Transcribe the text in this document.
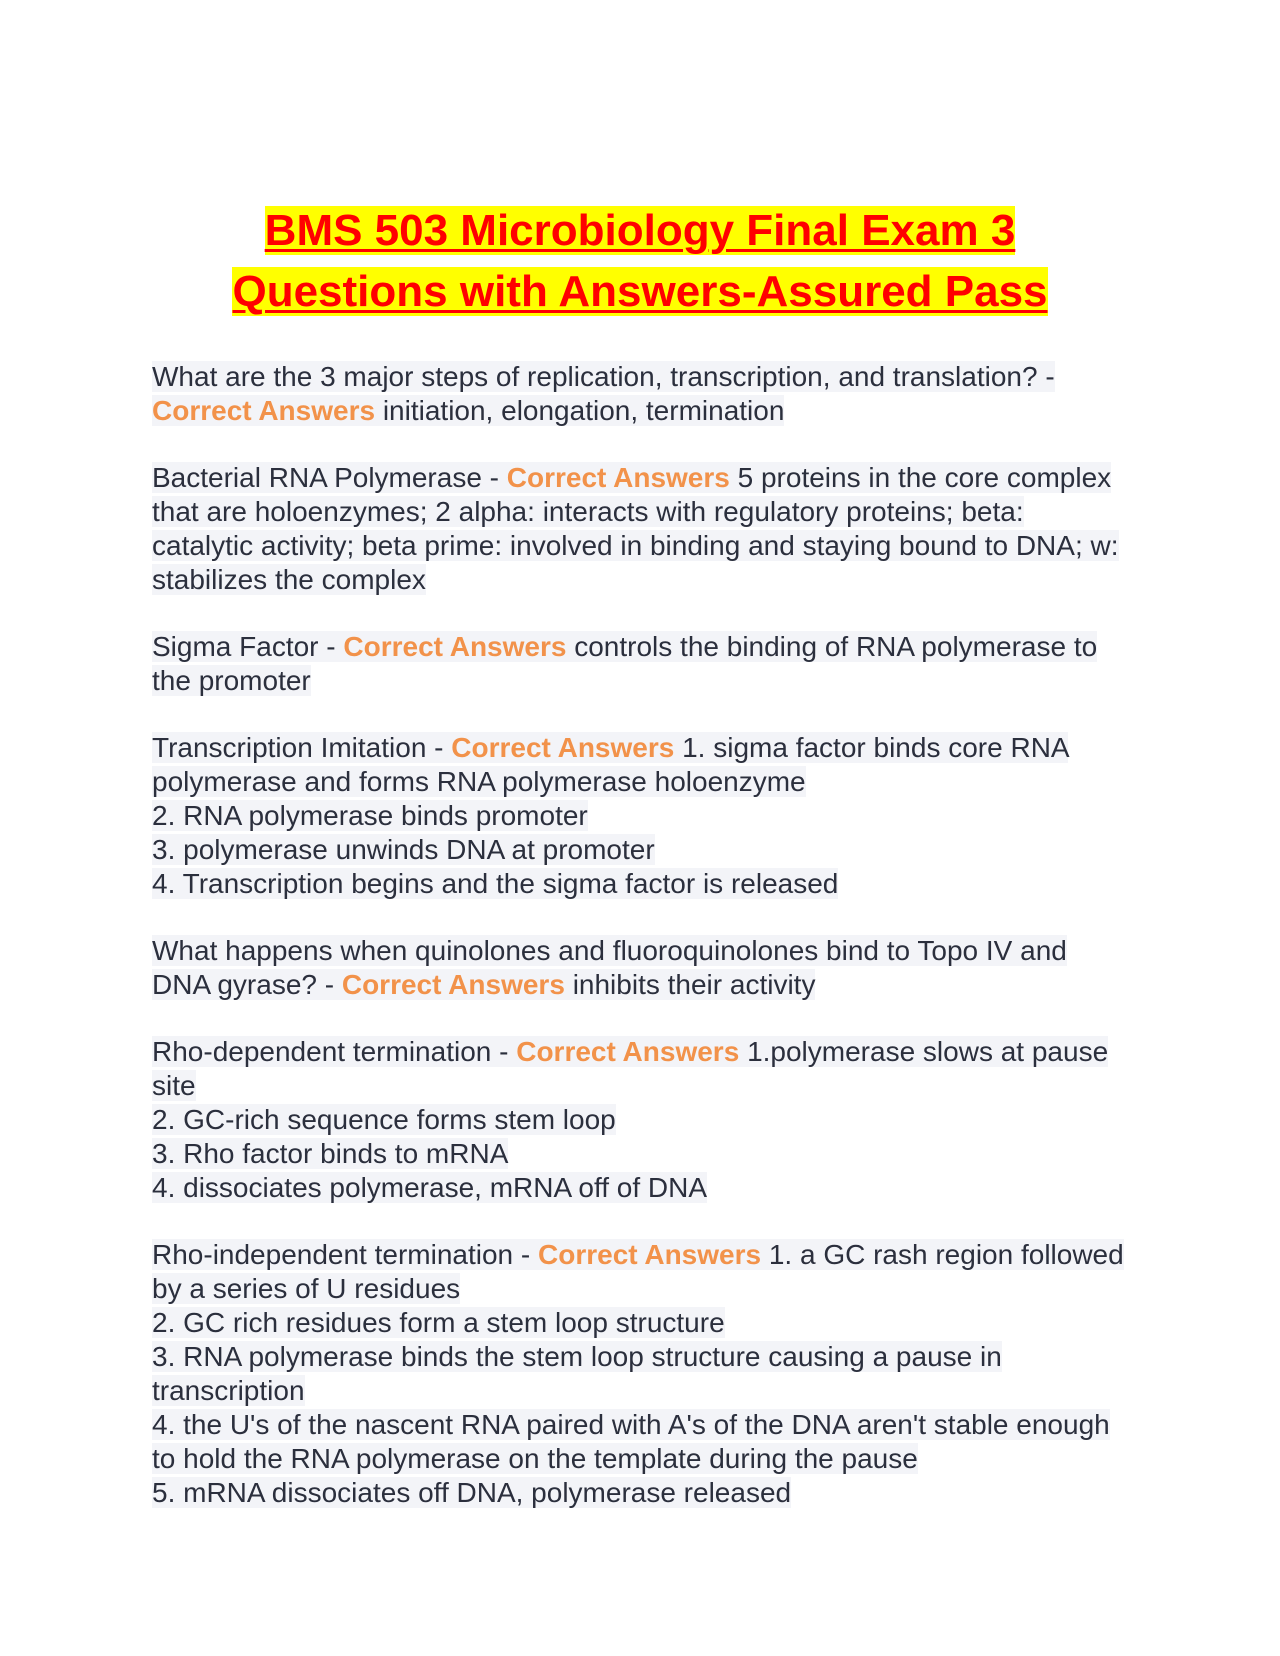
BMS 503 Microbiology Final Exam 3
Questions with Answers-Assured Pass

What are the 3 major steps of replication, transcription, and translation? - Correct Answers initiation, elongation, termination

Bacterial RNA Polymerase - Correct Answers 5 proteins in the core complex that are holoenzymes; 2 alpha: interacts with regulatory proteins; beta: catalytic activity; beta prime: involved in binding and staying bound to DNA; w: stabilizes the complex

Sigma Factor - Correct Answers controls the binding of RNA polymerase to the promoter

Transcription Imitation - Correct Answers 1. sigma factor binds core RNA polymerase and forms RNA polymerase holoenzyme
2. RNA polymerase binds promoter
3. polymerase unwinds DNA at promoter
4. Transcription begins and the sigma factor is released

What happens when quinolones and fluoroquinolones bind to Topo IV and DNA gyrase? - Correct Answers inhibits their activity

Rho-dependent termination - Correct Answers 1.polymerase slows at pause site
2. GC-rich sequence forms stem loop
3. Rho factor binds to mRNA
4. dissociates polymerase, mRNA off of DNA

Rho-independent termination - Correct Answers 1. a GC rash region followed by a series of U residues
2. GC rich residues form a stem loop structure
3. RNA polymerase binds the stem loop structure causing a pause in transcription
4. the U's of the nascent RNA paired with A's of the DNA aren't stable enough to hold the RNA polymerase on the template during the pause
5. mRNA dissociates off DNA, polymerase released
